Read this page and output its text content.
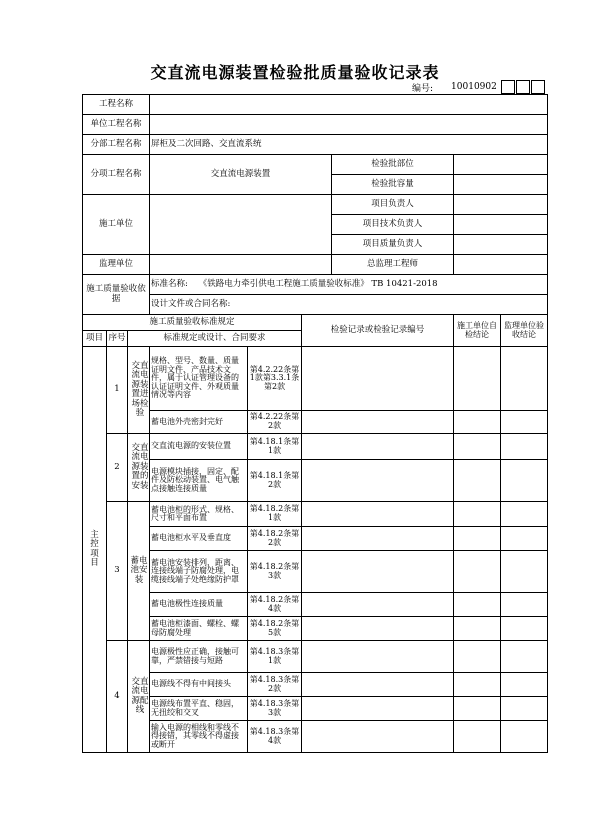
交直流电源装置检验批质量验收记录表
编号: 10010902
工程名称								
单位工程名称								
分部工程名称			屏柜及二次回路、交直流系统					
分项工程名称			交直流电源装置			检验批部位		
						检验批容量		
施工单位						项目负责人		
						项目技术负责人		
						项目质量负责人		
监理单位						总监理工程师		
施工质量验收依据			标准名称: 《铁路电力牵引供电工程施工质量验收标准》 TB 10421-2018					
			设计文件或合同名称:					
施工质量验收标准规定					检验记录或检验记录编号		施工单位自检结论	监理单位验收结论
项目	序号	标准规定或设计、合同要求						
主控项目	1	交直流电源装置进场检验	规格、型号、数量、质量证明文件、产品技术文件，属于认证管理设备的认证证明文件、外观质量情况等内容	第4.2.22条第1款第3.3.1条第2款				
			蓄电池外壳密封完好	第4.2.22条第2款				
	2	交直流电源装置的安装	交直流电源的安装位置	第4.18.1条第1款				
			电源模块插接，固定、配件及防松动装置、电气触点接触连接质量	第4.18.1条第2款				
	3	蓄电池安装	蓄电池柜的形式、规格、尺寸和平面布置	第4.18.2条第1款				
			蓄电池柜水平及垂直度	第4.18.2条第2款				
			蓄电池安装排列，距离、连接线端子防腐处理，电缆接线端子处绝缘防护罩	第4.18.2条第3款				
			蓄电池极性连接质量	第4.18.2条第4款				
			蓄电池柜漆面、螺栓、螺母防腐处理	第4.18.2条第5款				
	4	交直流电源配线	电源极性应正确，接触可靠，严禁错接与短路	第4.18.3条第1款				
			电源线不得有中间接头	第4.18.3条第2款				
			电源线布置平直、稳固，无扭绞和交叉	第4.18.3条第3款				
			输入电源的相线和零线不得接错，其零线不得虚接或断开	第4.18.3条第4款				
